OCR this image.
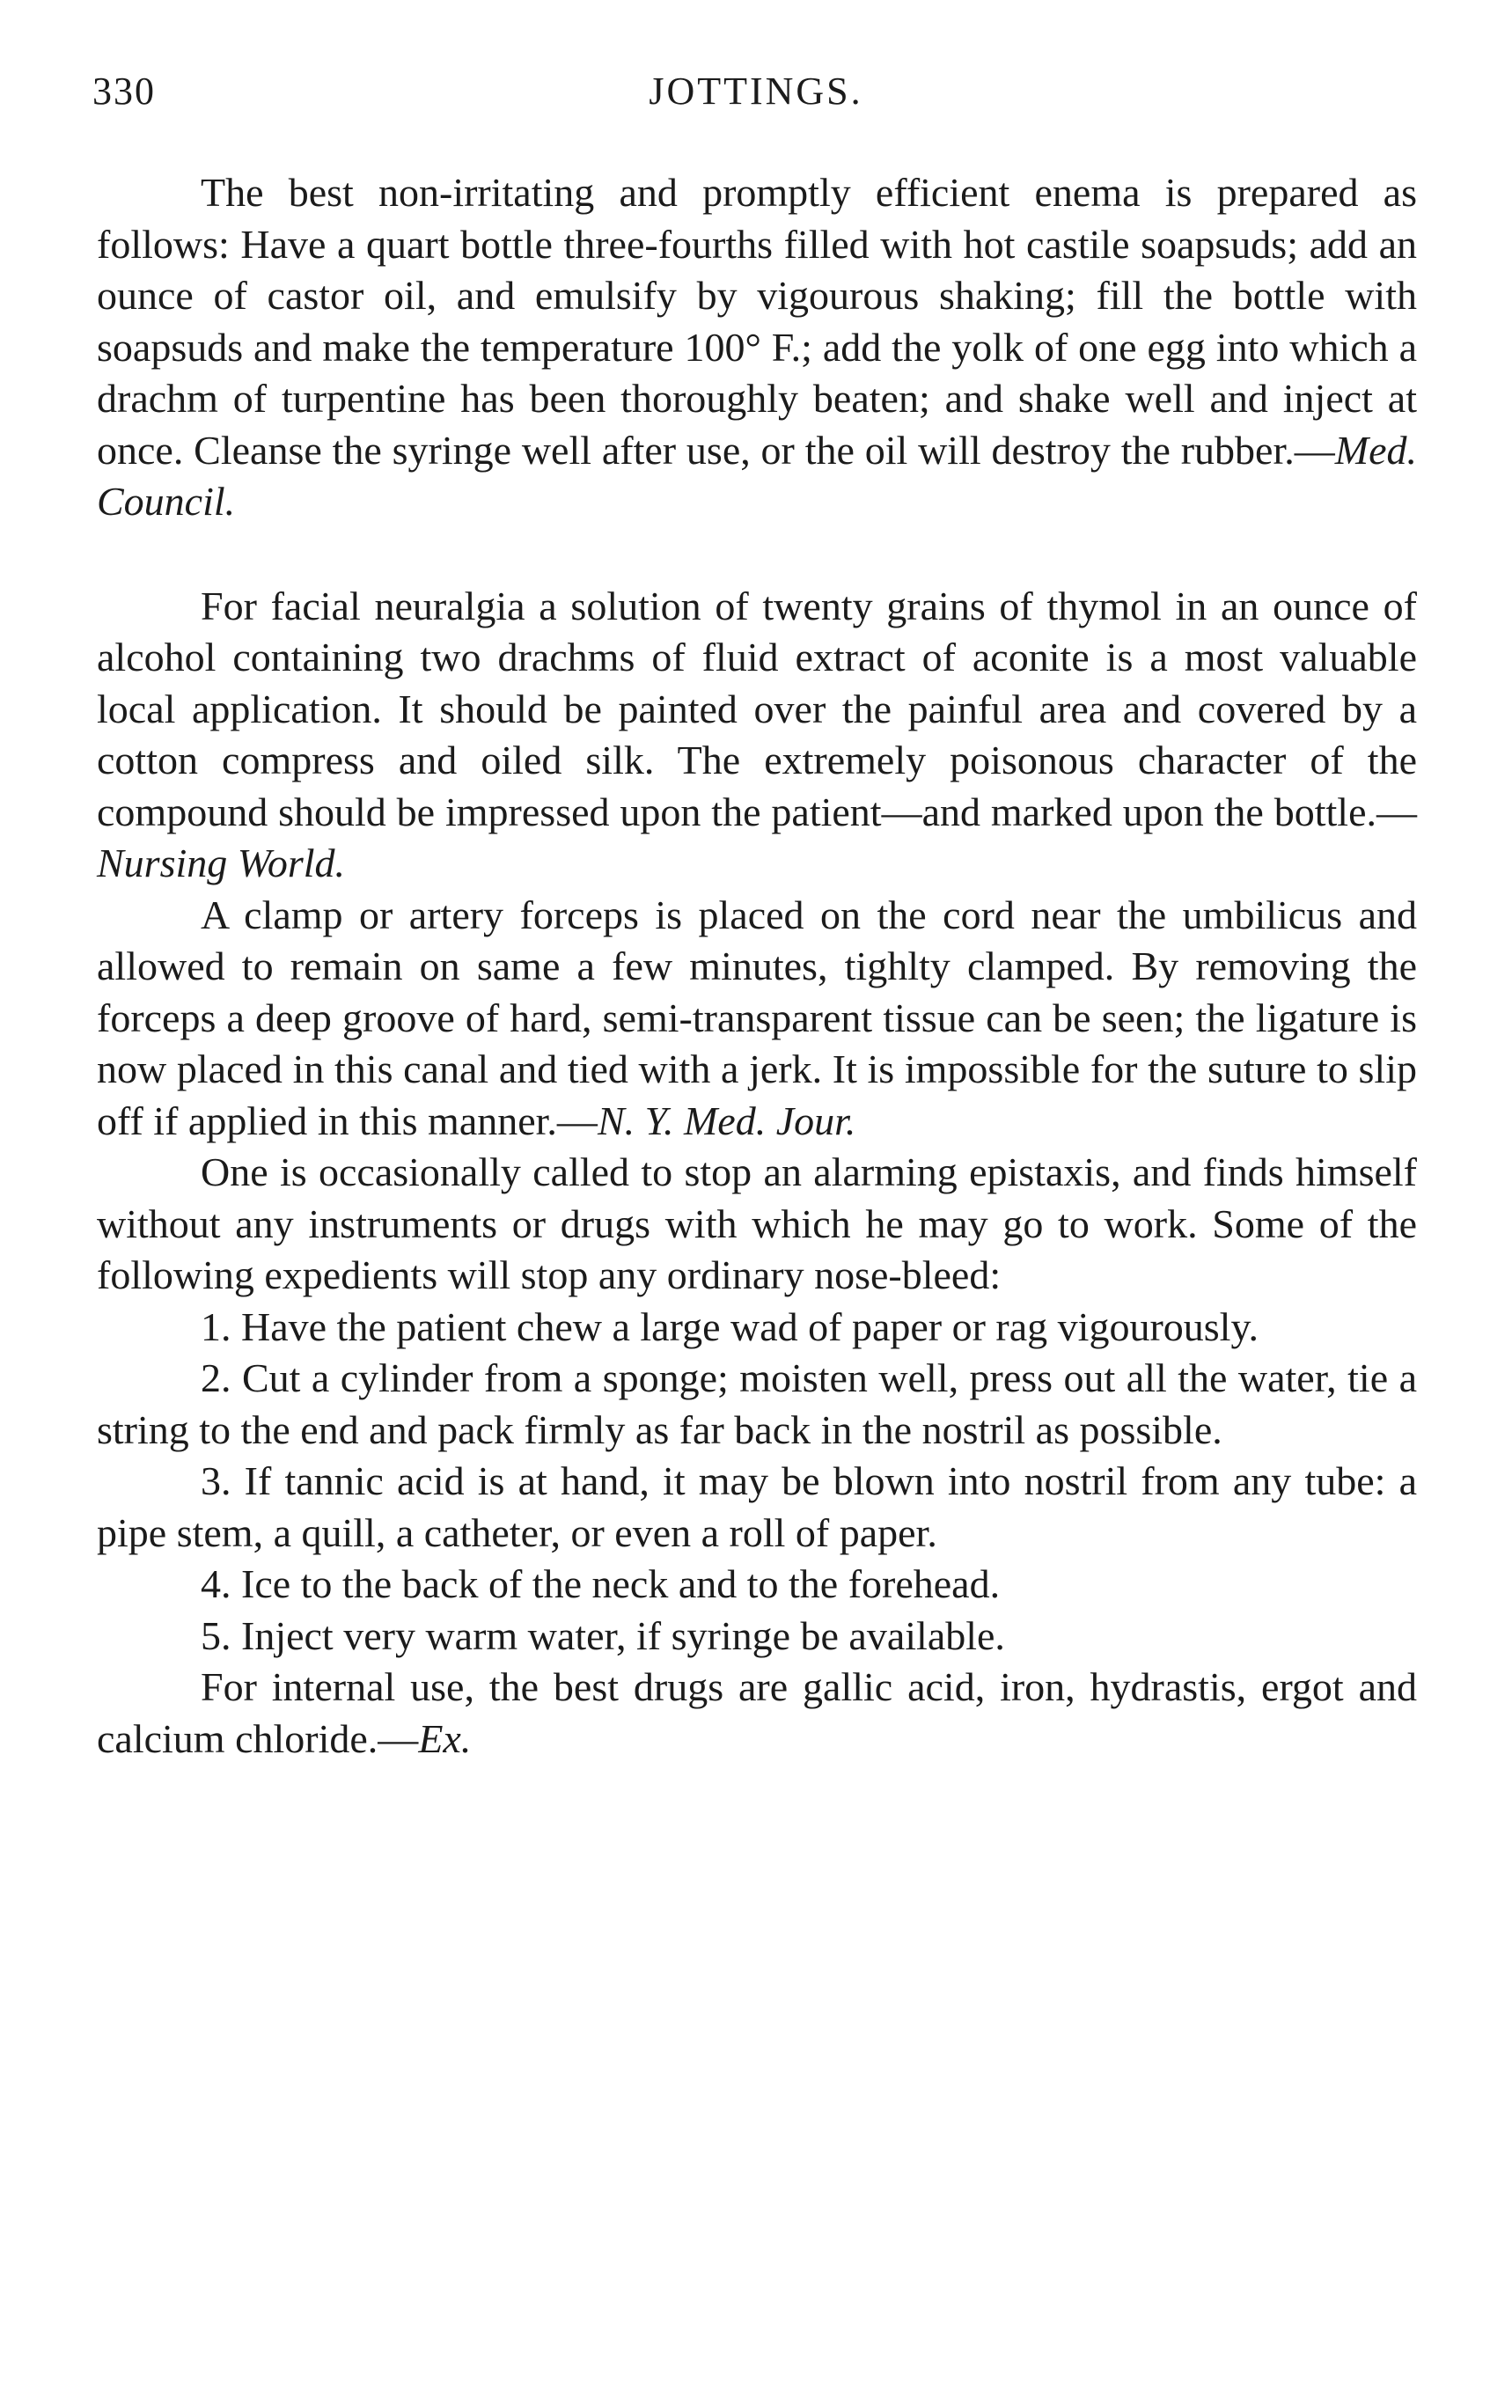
330	JOTTINGS.

The best non-irritating and promptly efficient enema is prepared as follows: Have a quart bottle three-fourths filled with hot castile soapsuds; add an ounce of castor oil, and emulsify by vigourous shaking; fill the bottle with soapsuds and make the temperature 100° F.; add the yolk of one egg into which a drachm of turpentine has been thoroughly beaten; and shake well and inject at once. Cleanse the syringe well after use, or the oil will destroy the rubber.—Med. Council.

For facial neuralgia a solution of twenty grains of thymol in an ounce of alcohol containing two drachms of fluid extract of aconite is a most valuable local application. It should be painted over the painful area and covered by a cotton compress and oiled silk. The extremely poisonous character of the compound should be impressed upon the patient—and marked upon the bottle.—Nursing World.

A clamp or artery forceps is placed on the cord near the umbilicus and allowed to remain on same a few minutes, tighlty clamped. By removing the forceps a deep groove of hard, semi-transparent tissue can be seen; the ligature is now placed in this canal and tied with a jerk. It is impossible for the suture to slip off if applied in this manner.—N. Y. Med. Jour.

One is occasionally called to stop an alarming epistaxis, and finds himself without any instruments or drugs with which he may go to work. Some of the following expedients will stop any ordinary nose-bleed:

1. Have the patient chew a large wad of paper or rag vigourously.

2. Cut a cylinder from a sponge; moisten well, press out all the water, tie a string to the end and pack firmly as far back in the nostril as possible.

3. If tannic acid is at hand, it may be blown into nostril from any tube: a pipe stem, a quill, a catheter, or even a roll of paper.

4. Ice to the back of the neck and to the forehead.

5. Inject very warm water, if syringe be available.

For internal use, the best drugs are gallic acid, iron, hydrastis, ergot and calcium chloride.—Ex.
